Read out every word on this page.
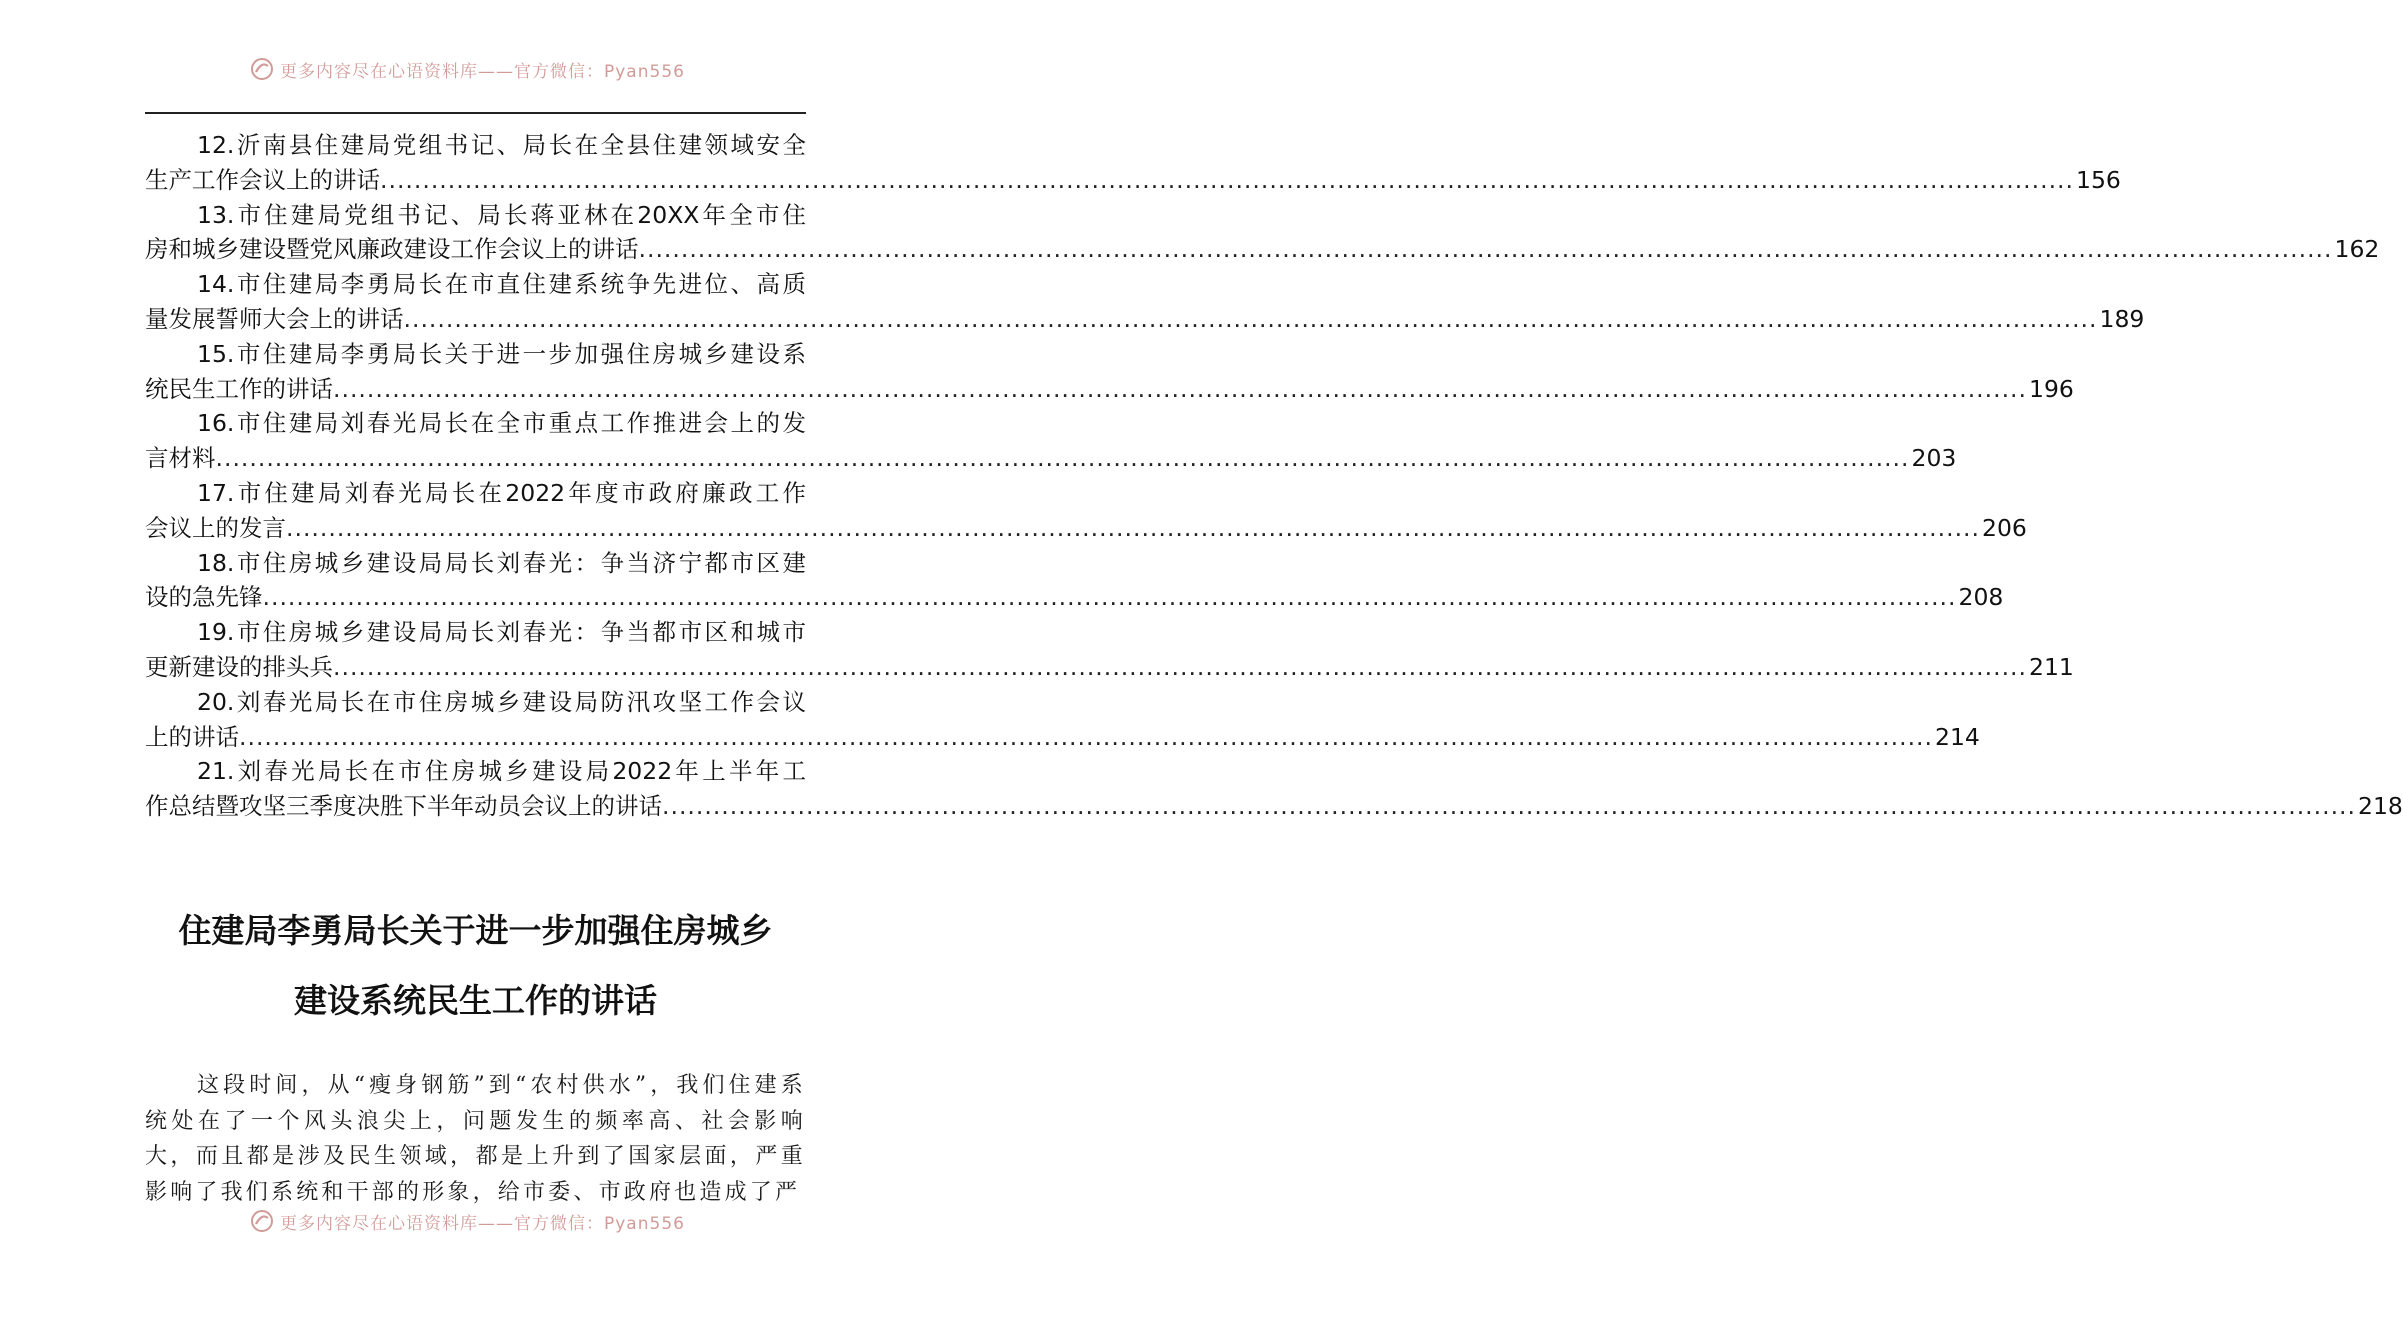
更多内容尽在心语资料库——官方微信：Pyan556
12.沂南县住建局党组书记、局长在全县住建领域安全
生产工作会议上的讲话 ........................................................................................................................................................................................................ 156
13.市住建局党组书记、局长蒋亚林在20XX年全市住
房和城乡建设暨党风廉政建设工作会议上的讲话 ........................................................................................................................................................................................................ 162
14.市住建局李勇局长在市直住建系统争先进位、高质
量发展誓师大会上的讲话 ........................................................................................................................................................................................................ 189
15.市住建局李勇局长关于进一步加强住房城乡建设系
统民生工作的讲话 ........................................................................................................................................................................................................ 196
16.市住建局刘春光局长在全市重点工作推进会上的发
言材料 ........................................................................................................................................................................................................ 203
17.市住建局刘春光局长在2022年度市政府廉政工作
会议上的发言 ........................................................................................................................................................................................................ 206
18.市住房城乡建设局局长刘春光：争当济宁都市区建
设的急先锋 ........................................................................................................................................................................................................ 208
19.市住房城乡建设局局长刘春光：争当都市区和城市
更新建设的排头兵 ........................................................................................................................................................................................................ 211
20.刘春光局长在市住房城乡建设局防汛攻坚工作会议
上的讲话 ........................................................................................................................................................................................................ 214
21.刘春光局长在市住房城乡建设局2022年上半年工
作总结暨攻坚三季度决胜下半年动员会议上的讲话 ........................................................................................................................................................................................................ 218
住建局李勇局长关于进一步加强住房城乡
建设系统民生工作的讲话

这段时间，从“瘦身钢筋”到“农村供水”，我们住建系统处在了一个风头浪尖上，问题发生的频率高、社会影响大，而且都是涉及民生领域，都是上升到了国家层面，严重影响了我们系统和干部的形象，给市委、市政府也造成了严

更多内容尽在心语资料库——官方微信：Pyan556
